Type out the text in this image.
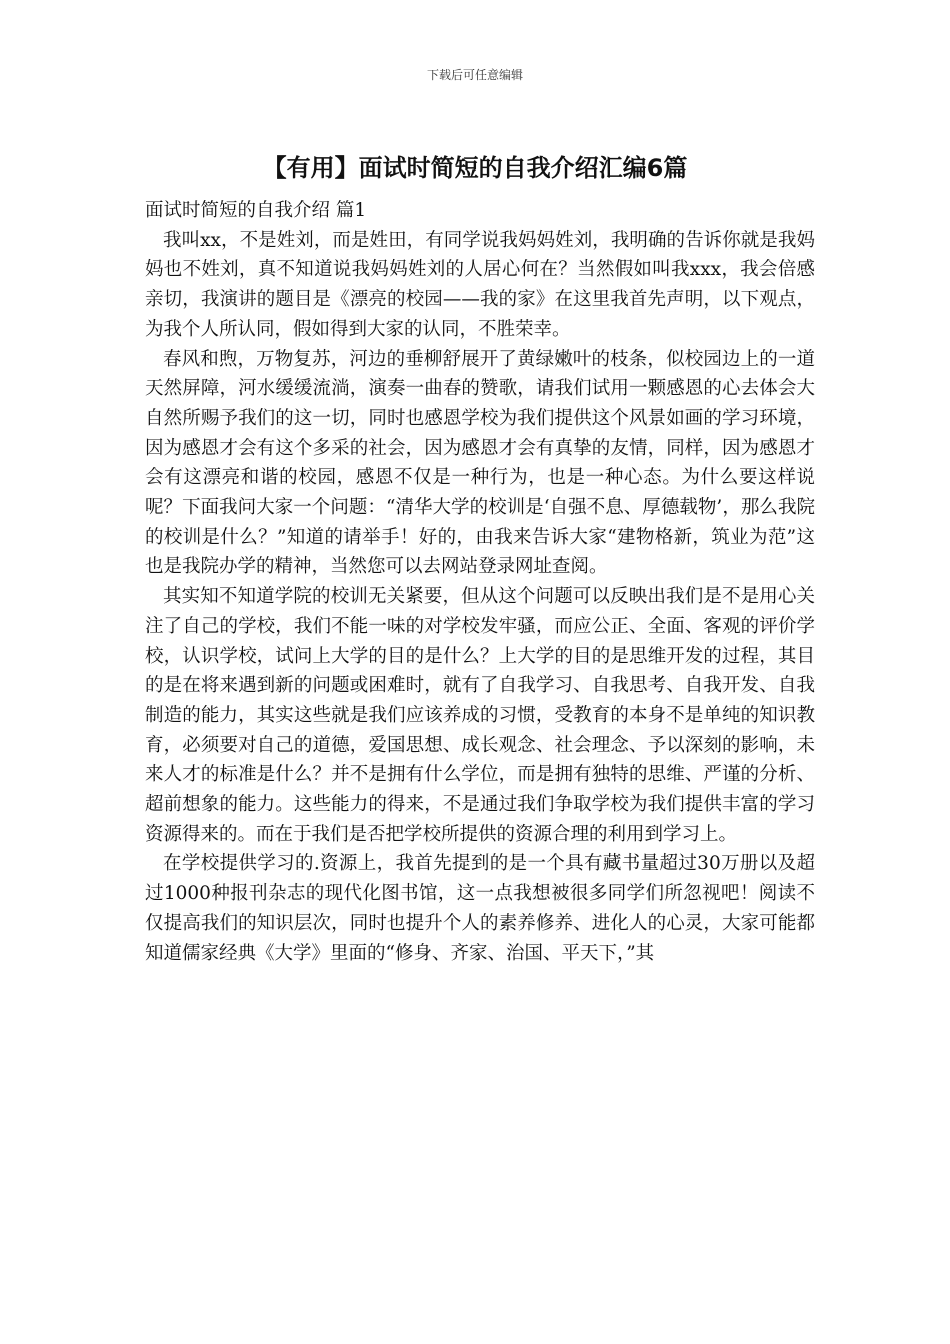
下载后可任意编辑
【有用】面试时简短的自我介绍汇编6篇

面试时简短的自我介绍 篇1

我叫xx，不是姓刘，而是姓田，有同学说我妈妈姓刘，我明确的告诉你就是我妈妈也不姓刘，真不知道说我妈妈姓刘的人居心何在？当然假如叫我xxx，我会倍感亲切，我演讲的题目是《漂亮的校园——我的家》在这里我首先声明，以下观点，为我个人所认同，假如得到大家的认同，不胜荣幸。

春风和煦，万物复苏，河边的垂柳舒展开了黄绿嫩叶的枝条，似校园边上的一道天然屏障，河水缓缓流淌，演奏一曲春的赞歌，请我们试用一颗感恩的心去体会大自然所赐予我们的这一切，同时也感恩学校为我们提供这个风景如画的学习环境，因为感恩才会有这个多采的社会，因为感恩才会有真挚的友情，同样，因为感恩才会有这漂亮和谐的校园，感恩不仅是一种行为，也是一种心态。为什么要这样说呢？下面我问大家一个问题：“清华大学的校训是‘自强不息、厚德载物’，那么我院的校训是什么？”知道的请举手！好的，由我来告诉大家“建物格新，筑业为范”这也是我院办学的精神，当然您可以去网站登录网址查阅。

其实知不知道学院的校训无关紧要，但从这个问题可以反映出我们是不是用心关注了自己的学校，我们不能一味的对学校发牢骚，而应公正、全面、客观的评价学校，认识学校，试问上大学的目的是什么？上大学的目的是思维开发的过程，其目的是在将来遇到新的问题或困难时，就有了自我学习、自我思考、自我开发、自我制造的能力，其实这些就是我们应该养成的习惯，受教育的本身不是单纯的知识教育，必须要对自己的道德，爱国思想、成长观念、社会理念、予以深刻的影响，未来人才的标准是什么？并不是拥有什么学位，而是拥有独特的思维、严谨的分析、超前想象的能力。这些能力的得来，不是通过我们争取学校为我们提供丰富的学习资源得来的。而在于我们是否把学校所提供的资源合理的利用到学习上。

在学校提供学习的.资源上，我首先提到的是一个具有藏书量超过30万册以及超过1000种报刊杂志的现代化图书馆，这一点我想被很多同学们所忽视吧！阅读不仅提高我们的知识层次，同时也提升个人的素养修养、进化人的心灵，大家可能都知道儒家经典《大学》里面的“修身、齐家、治国、平天下，”其
